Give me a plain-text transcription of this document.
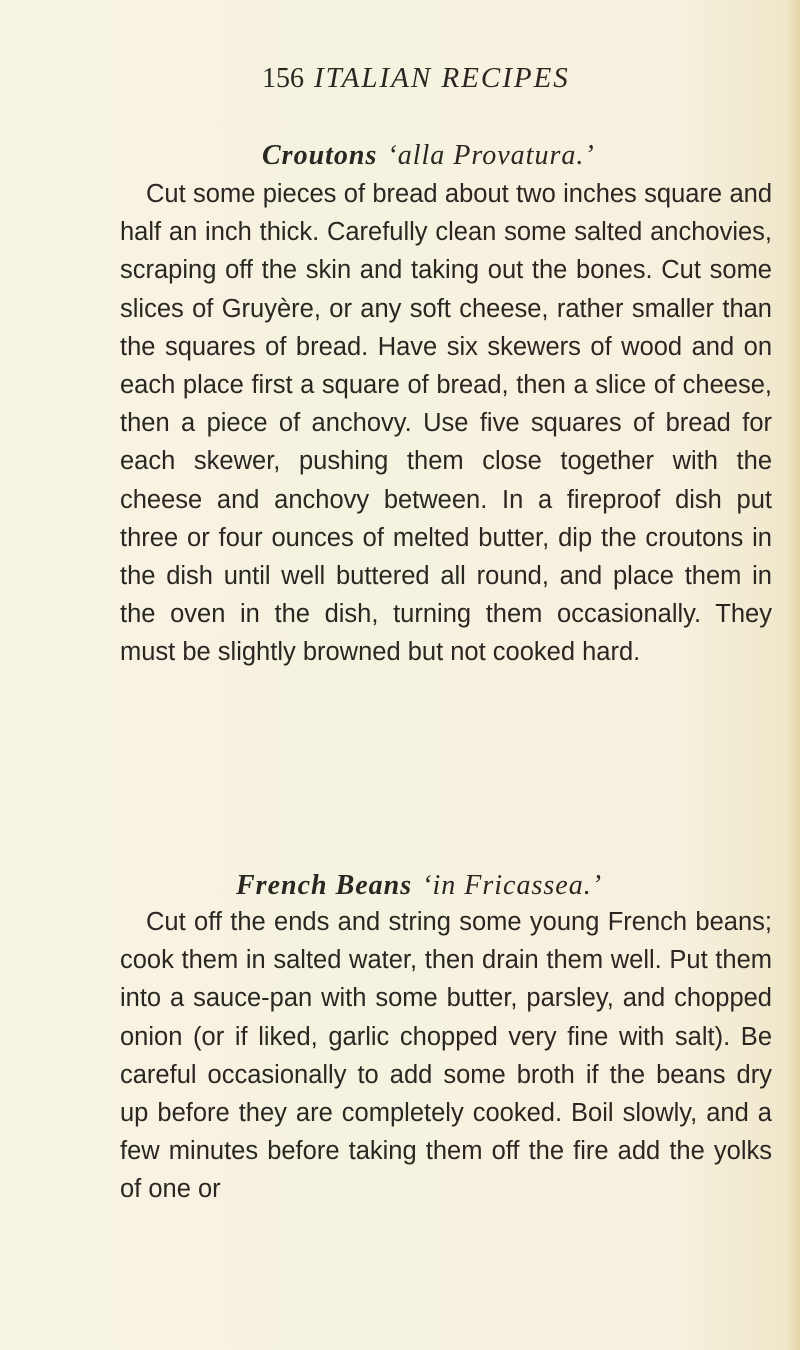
156 ITALIAN RECIPES
Croutons ‘alla Provatura.’
Cut some pieces of bread about two inches square and half an inch thick. Carefully clean some salted anchovies, scraping off the skin and taking out the bones. Cut some slices of Gruyère, or any soft cheese, rather smaller than the squares of bread. Have six skewers of wood and on each place first a square of bread, then a slice of cheese, then a piece of anchovy. Use five squares of bread for each skewer, pushing them close together with the cheese and anchovy between. In a fireproof dish put three or four ounces of melted butter, dip the croutons in the dish until well buttered all round, and place them in the oven in the dish, turning them occasionally. They must be slightly browned but not cooked hard.
French Beans ‘in Fricassea.’
Cut off the ends and string some young French beans; cook them in salted water, then drain them well. Put them into a sauce-pan with some butter, parsley, and chopped onion (or if liked, garlic chopped very fine with salt). Be careful occasionally to add some broth if the beans dry up before they are completely cooked. Boil slowly, and a few minutes before taking them off the fire add the yolks of one or
